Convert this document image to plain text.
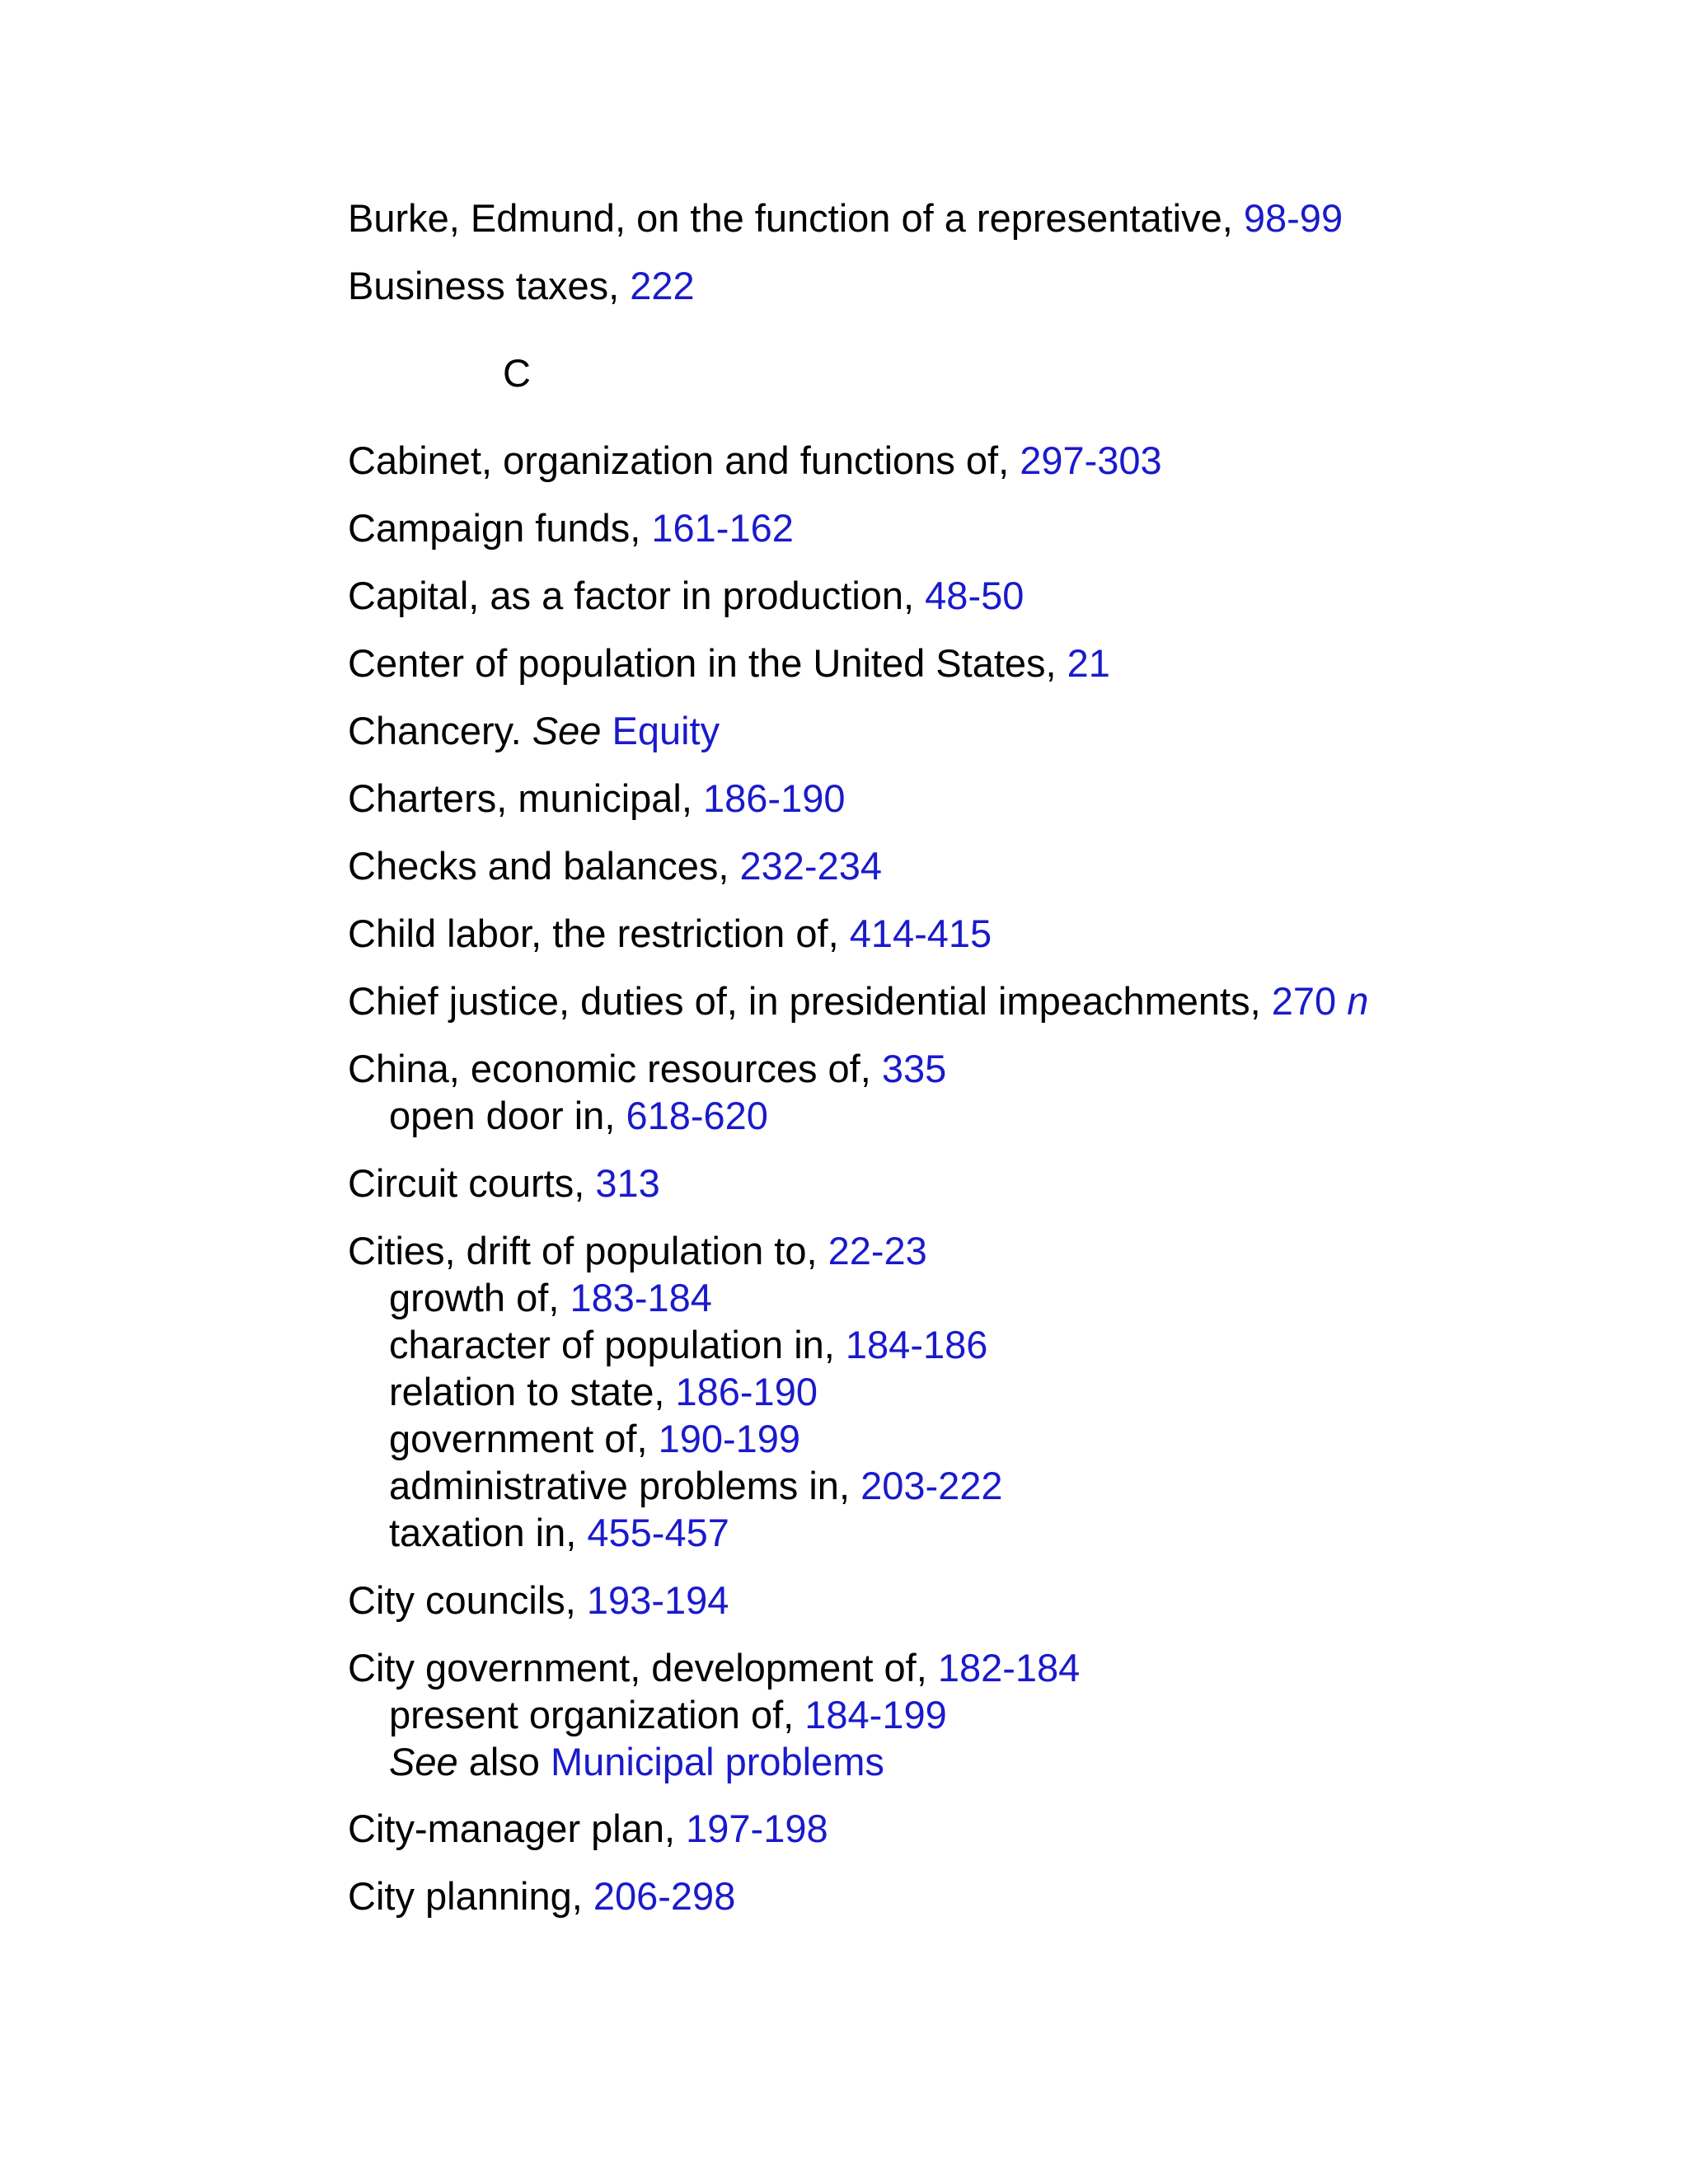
Burke, Edmund, on the function of a representative, 98-99
Business taxes, 222
C
Cabinet, organization and functions of, 297-303
Campaign funds, 161-162
Capital, as a factor in production, 48-50
Center of population in the United States, 21
Chancery. See Equity
Charters, municipal, 186-190
Checks and balances, 232-234
Child labor, the restriction of, 414-415
Chief justice, duties of, in presidential impeachments, 270 n
China, economic resources of, 335
open door in, 618-620
Circuit courts, 313
Cities, drift of population to, 22-23
growth of, 183-184
character of population in, 184-186
relation to state, 186-190
government of, 190-199
administrative problems in, 203-222
taxation in, 455-457
City councils, 193-194
City government, development of, 182-184
present organization of, 184-199
See also Municipal problems
City-manager plan, 197-198
City planning, 206-298
